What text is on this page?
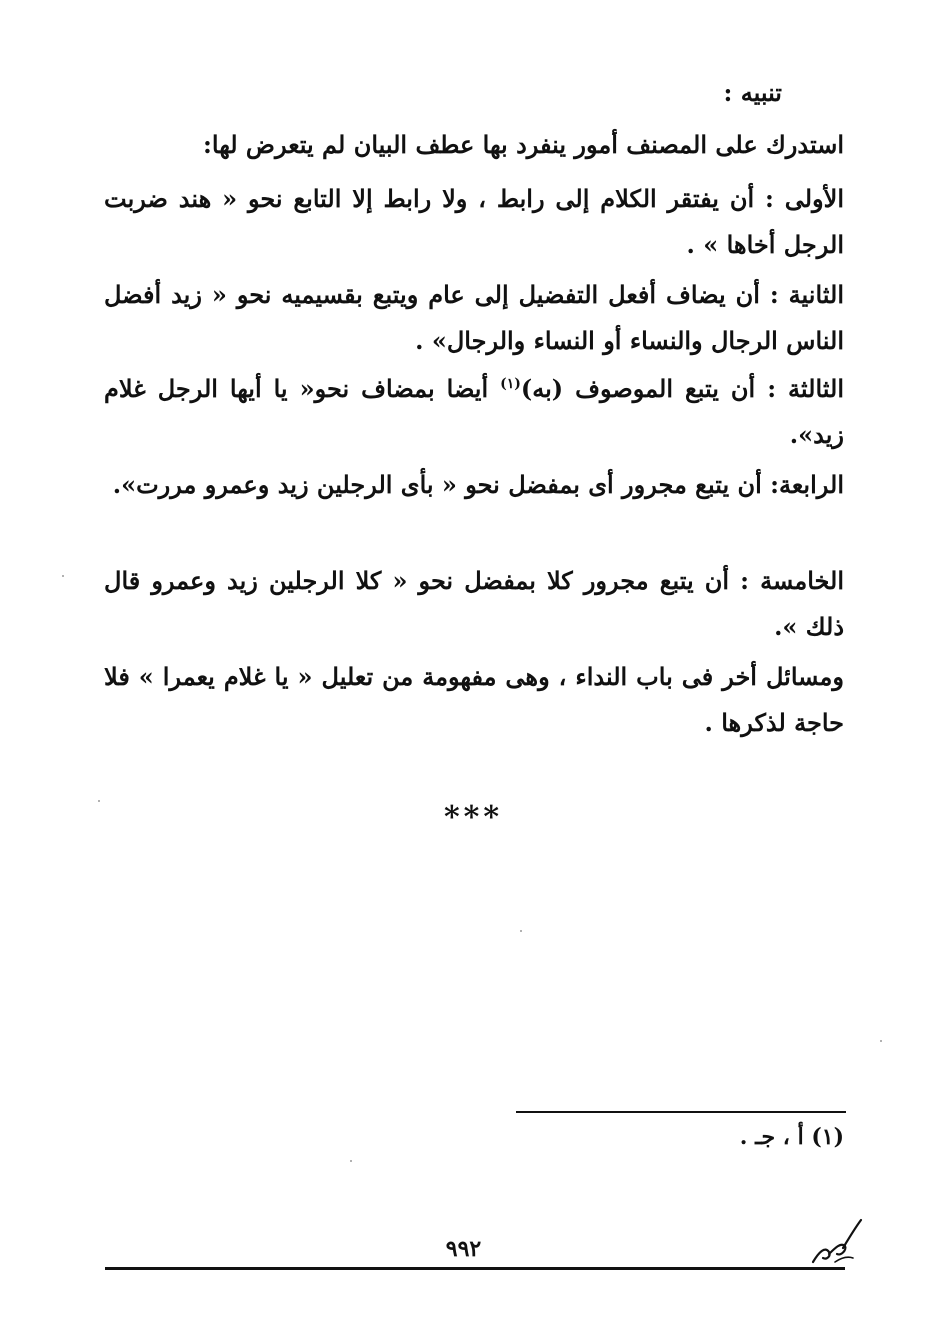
تنبيه :

استدرك على المصنف أمور ينفرد بها عطف البيان لم يتعرض لها:

الأولى : أن يفتقر الكلام إلى رابط ، ولا رابط إلا التابع نحو « هند ضربت الرجل أخاها » .

الثانية : أن يضاف أفعل التفضيل إلى عام ويتبع بقسيميه نحو « زيد أفضل الناس الرجال والنساء أو النساء والرجال» .

الثالثة : أن يتبع الموصوف (به)$^{(١)}$ أيضا بمضاف نحو« يا أيها الرجل غلام زيد».

الرابعة: أن يتبع مجرور أى بمفضل نحو « بأى الرجلين زيد وعمرو مررت».

الخامسة : أن يتبع مجرور كلا بمفضل نحو « كلا الرجلين زيد وعمرو قال ذلك ».

ومسائل أخر فى باب النداء ، وهى مفهومة من تعليل « يا غلام يعمرا » فلا حاجة لذكرها .

***
(١) أ ، جـ .
٩٩٢
